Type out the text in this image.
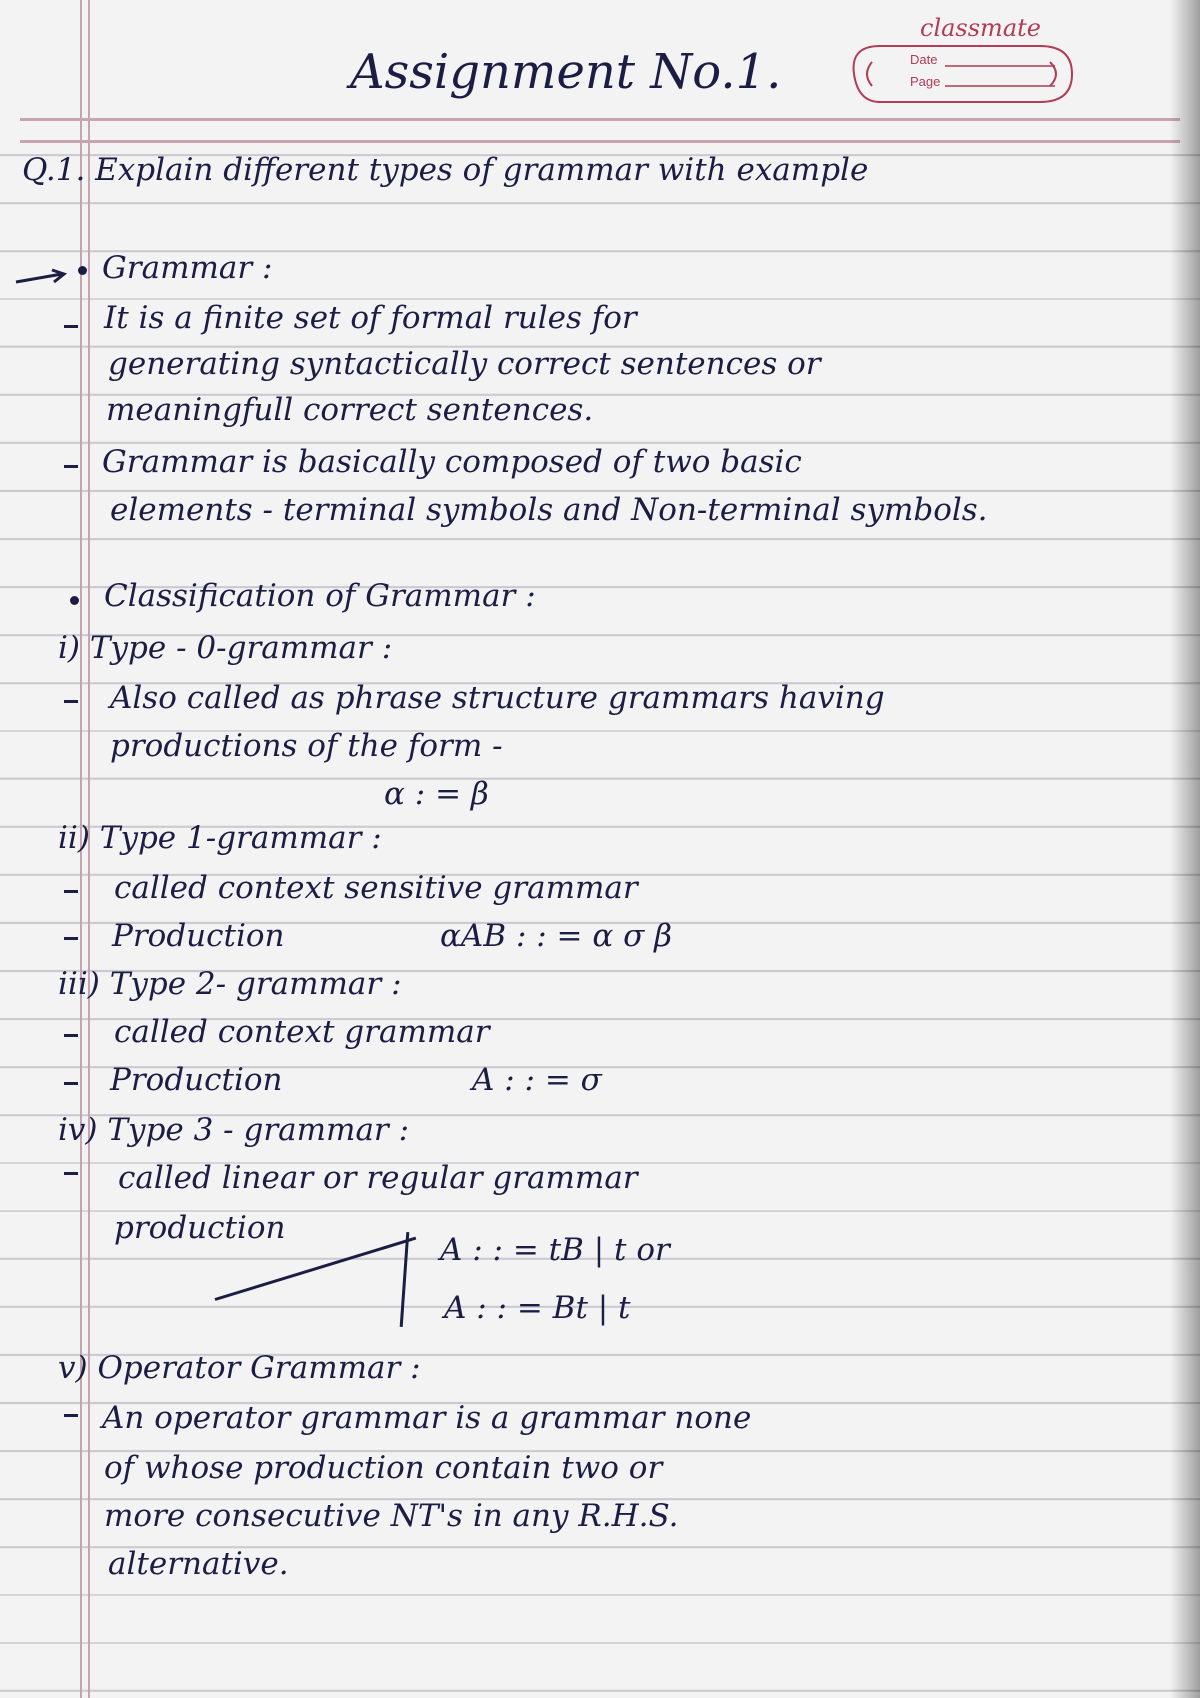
classmate
Date
Page
Assignment No.1.
Q.1. Explain different types of grammar with example
Grammar :
It is a finite set of formal rules for
generating syntactically correct sentences or
meaningfull correct sentences.
Grammar is basically composed of two basic
elements - terminal symbols and Non-terminal symbols.
Classification of Grammar :
i) Type - 0-grammar :
Also called as phrase structure grammars having
productions of the form -
α : = β
ii) Type 1-grammar :
called context sensitive grammar
Production	αAB : : = α σ β
iii) Type 2- grammar :
called context grammar
Production	A : : = σ
iv) Type 3 - grammar :
called linear or regular grammar
production
A : : = tB | t or
A : : = Bt | t
v) Operator Grammar :
An operator grammar is a grammar none
of whose production contain two or
more consecutive NT's in any R.H.S.
alternative.
